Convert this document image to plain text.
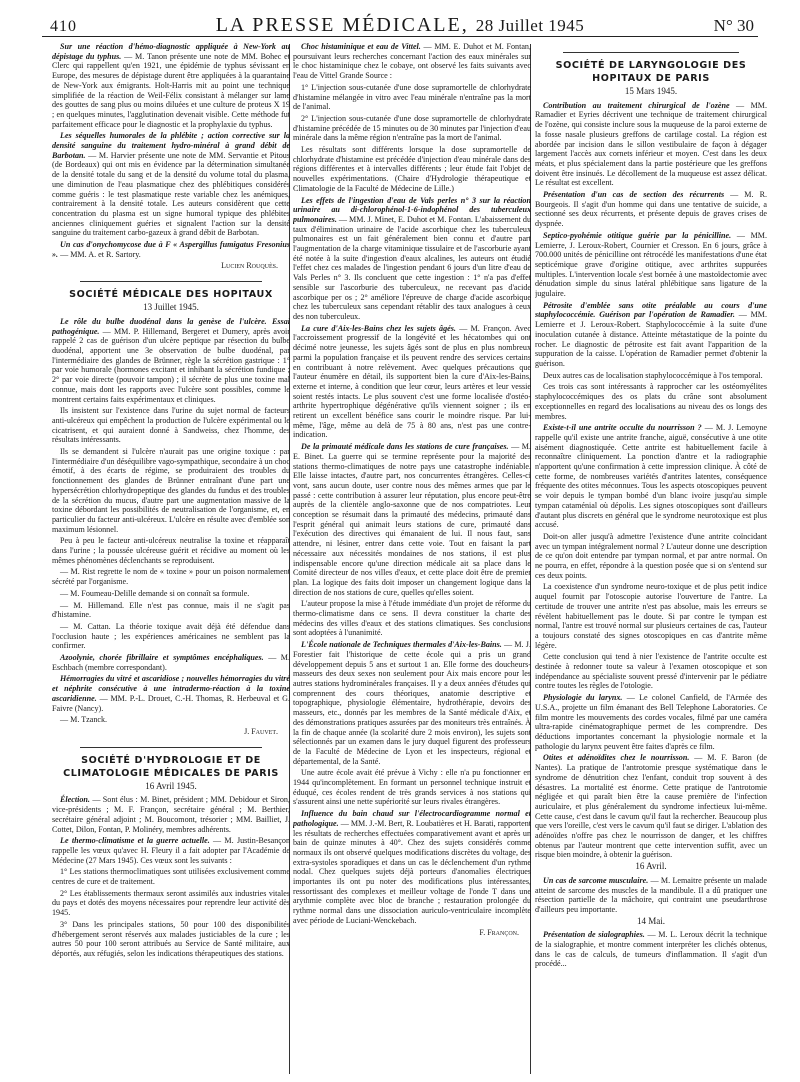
410	LA PRESSE MÉDICALE, 28 Juillet 1945	N° 30

Sur une réaction d'hémo-diagnostic appliquée à New-York au dépistage du typhus. — M. Tanon présente une note de MM. Bohec et Clerc qui rappellent qu'en 1921, une épidémie de typhus sévissant en Europe, des mesures de dépistage durent être appliquées à la quarantaine de New-York aux émigrants. Holt-Harris mit au point une technique simplifiée de la réaction de Weil-Félix consistant à mélanger sur lame des gouttes de sang plus ou moins diluées et une culture de proteus X 19 ; en quelques minutes, l'agglutination devenait visible. Cette méthode fut parfaitement efficace pour le diagnostic et la prophylaxie du typhus.

Les séquelles humorales de la phlébite ; action corrective sur la densité sanguine du traitement hydro-minéral à grand débit de Barbotan. — M. Harvier présente une note de MM. Servantie et Pitous (de Bordeaux) qui ont mis en évidence par la détermination simultanée de la densité totale du sang et de la densité du volume total du plasma, une diminution de l'eau plasmatique chez des phlébitiques considérés comme guéris : le test plasmatique reste variable chez les anémiques, contrairement à la densité totale. Les auteurs considèrent que cette concentration du plasma est un signe humoral typique des phlébites anciennes cliniquement guéries et signalent l'action sur la densité sanguine du traitement carbo-gazeux à grand débit de Barbotan.

Un cas d'onychomycose due à F « Aspergillus fumigatus Fresonius ». — MM. A. et R. Sartory.

Lucien Rouquès.
SOCIÉTÉ MÉDICALE DES HOPITAUX
13 Juillet 1945.

Le rôle du bulbe duodénal dans la genèse de l'ulcère. Essai pathogénique. — MM. P. Hillemand, Bergeret et Dumery, après avoir rappelé 2 cas de guérison d'un ulcère peptique par résection du bulbe duodénal, apportent une 3e observation de bulbe duodénal, par l'intermédiaire des glandes de Brünner, règle la sécrétion gastrique : 1° par voie humorale (hormones excitant et inhibant la sécrétion fundique ; 2° par voie directe (pouvoir tampon) ; il sécrète de plus une toxine mal connue, mais dont les rapports avec l'ulcère sont possibles, comme le montrent certains faits expérimentaux et cliniques.

Ils insistent sur l'existence dans l'urine du sujet normal de facteurs anti-ulcéreux qui empêchent la production de l'ulcère expérimental ou le cicatrisent, et qui auraient donné à Sandweiss, chez l'homme, des résultats intéressants.

Ils se demandent si l'ulcère n'aurait pas une origine toxique : par l'intermédiaire d'un déséquilibre vago-sympathique, secondaire à un choc émotif, à des écarts de régime, se produiraient des troubles du fonctionnement des glandes de Brünner entraînant d'une part une hypersécrétion chlorhydropeptique des glandes du fundus et des troubles de la sécrétion du mucus, d'autre part une augmentation massive de la toxine débordant les possibilités de neutralisation de l'organisme, et, en particulier du facteur anti-ulcéreux. L'ulcère en résulte avec d'emblée son maximum lésionnel.

Peu à peu le facteur anti-ulcéreux neutralise la toxine et réapparaît dans l'urine ; la poussée ulcéreuse guérit et récidive au moment où les mêmes phénomènes déclenchants se reproduisent.

— M. Rist regrette le nom de « toxine » pour un poison normalement sécrété par l'organisme.

— M. Foumeau-Delille demande si on connaît sa formule.

— M. Hillemand. Elle n'est pas connue, mais il ne s'agit pas d'histamine.

— M. Cattan. La théorie toxique avait déjà été défendue dans l'occlusion haute ; les expériences américaines ne semblent pas la confirmer.

Azoolynie, chorée fibrillaire et symptômes encéphaliques. — M. Eschbach (membre correspondant).

Hémorragies du vitré et ascaridiose ; nouvelles hémorragies du vitré et néphrite consécutive à une intradermo-réaction à la toxine ascaridienne. — MM. P.-L. Drouet, C.-H. Thomas, R. Herbeuval et G. Faivre (Nancy).

— M. Tzanck.

J. Fauvet.
SOCIÉTÉ D'HYDROLOGIE ET DE CLIMATOLOGIE MÉDICALES DE PARIS
16 Avril 1945.

Élection. — Sont élus : M. Binet, président ; MM. Debidour et Siron, vice-présidents ; M. F. Françon, secrétaire général ; M. Berthier, secrétaire général adjoint ; M. Boucomont, trésorier ; MM. Bailliet, J. Cottet, Dilon, Fontan, P. Molinéry, membres adhérents.

Le thermo-climatisme et la guerre actuelle. — M. Justin-Besançon rappelle les vœux qu'avec H. Fleury il a fait adopter par l'Académie de Médecine (27 Mars 1945). Ces vœux sont les suivants :

1° Les stations thermoclimatiques sont utilisées exclusivement comme centres de cure et de traitement.

2° Les établissements thermaux seront assimilés aux industries vitales du pays et dotés des moyens nécessaires pour reprendre leur activité dès 1945.

3° Dans les principales stations, 50 pour 100 des disponibilités d'hébergement seront réservés aux malades justiciables de la cure ; les autres 50 pour 100 seront attribués au Service de Santé militaire, aux déportés, aux réfugiés, selon les indications thérapeutiques des stations.

Choc histaminique et eau de Vittel. — MM. E. Duhot et M. Fontan, poursuivant leurs recherches concernant l'action des eaux minérales sur le choc histaminique chez le cobaye, ont observé les faits suivants avec l'eau de Vittel Grande Source :

1° L'injection sous-cutanée d'une dose supramortelle de chlorhydrate d'histamine mélangée in vitro avec l'eau minérale n'entraîne pas la mort de l'animal.

2° L'injection sous-cutanée d'une dose supramortelle de chlorhydrate d'histamine précédée de 15 minutes ou de 30 minutes par l'injection d'eau minérale dans la même région n'entraîne pas la mort de l'animal.

Les résultats sont différents lorsque la dose supramortelle de chlorhydrate d'histamine est précédée d'injection d'eau minérale dans des régions différentes et à intervalles différents ; leur étude fait l'objet de nouvelles expérimentations. (Chaire d'Hydrologie thérapeutique et Climatologie de la Faculté de Médecine de Lille.)

Les effets de l'ingestion d'eau de Vals perles n° 3 sur la réaction urinaire au di-chlorophénol-1-6-indophénol des tuberculeux pulmonaires. — MM. J. Minet, E. Duhot et M. Fontan. L'abaissement du taux d'élimination urinaire de l'acide ascorbique chez les tuberculeux pulmonaires est un fait généralement bien connu et d'autre part l'augmentation de la charge vitaminique tissulaire et de l'ascorburie ayant été notée à la suite d'ingestion d'eaux alcalines, les auteurs ont étudié l'effet chez ces malades de l'ingestion pendant 6 jours d'un litre d'eau de Vals Perles n° 3. Ils concluent que cette ingestion : 1° n'a pas d'effet sensible sur l'ascorburie des tuberculeux, ne recevant pas d'acide ascorbique per os ; 2° améliore l'épreuve de charge d'acide ascorbique chez les tuberculeux sans cependant rétablir des taux analogues à ceux des non tuberculeux.

La cure d'Aix-les-Bains chez les sujets âgés. — M. Françon. Avec l'accroissement progressif de la longévité et les hécatombes qui ont décimé notre jeunesse, les sujets âgés sont de plus en plus nombreux parmi la population française et ils peuvent rendre des services certains en contribuant à notre relèvement. Avec quelques précautions que l'auteur énumère en détail, ils supportent bien la cure d'Aix-les-Bains, externe et interne, à condition que leur cœur, leurs artères et leur vessie soient restés intacts. Le plus souvent c'est une forme localisée d'ostéo-arthrite hypertrophique dégénérative qu'ils viennent soigner ; ils en retirent un excellent bénéfice sans courir le moindre risque. Par lui-même, l'âge, même au delà de 75 à 80 ans, n'est pas une contre-indication.

De la primauté médicale dans les stations de cure françaises. — M. E. Binet. La guerre qui se termine représente pour la majorité des stations thermo-climatiques de notre pays une catastrophe indéniable. Elle laisse intactes, d'autre part, nos concurrentes étrangères. Celles-ci vont, sans aucun doute, user contre nous des mêmes armes que par le passé : cette contribution à assurer leur réputation, plus encore peut-être auprès de la clientèle anglo-saxonne que de nos compatriotes. Leur conception se résumait dans la primauté des médecins, primauté dans l'esprit général qui animait leurs stations de cure, primauté dans l'exécution des directives qui émanaient de lui. Il nous faut, sans attendre, ni lésiner, entrer dans cette voie. Tout en faisant la part nécessaire aux nécessités mondaines de nos stations, il est plus indispensable encore qu'une direction médicale ait sa place dans le Comité directeur de nos villes d'eaux, et cette place doit être de premier plan. La logique des faits doit imposer un changement logique dans la direction de nos stations de cure, quelles qu'elles soient.

L'auteur propose la mise à l'étude immédiate d'un projet de réforme du thermo-climatisme dans ce sens. Il devra constituer la charte des médecins des villes d'eaux et des stations climatiques. Ses conclusions sont adoptées à l'unanimité.

L'École nationale de Techniques thermales d'Aix-les-Bains. — M. J. Forestier fait l'historique de cette école qui a pris un grand développement depuis 5 ans et surtout 1 an. Elle forme des doucheurs-masseurs des deux sexes non seulement pour Aix mais encore pour les autres stations hydrominérales françaises. Il y a deux années d'études qui comprennent des cours théoriques, anatomie descriptive et topographique, physiologie élémentaire, hydrothérapie, devoirs des masseurs, etc., donnés par les membres de la Santé médicale d'Aix, et des démonstrations pratiques assurées par des moniteurs très entraînés. À la fin de chaque année (la scolarité dure 2 mois environ), les sujets sont sélectionnés par un examen dans le jury duquel figurent des professeurs de la Faculté de Médecine de Lyon et les inspecteurs, régional et départemental, de la Santé.

Une autre école avait été prévue à Vichy : elle n'a pu fonctionner en 1944 qu'incomplètement. En formant un personnel technique instruit et éduqué, ces écoles rendent de très grands services à nos stations qui s'assurent ainsi une nette supériorité sur leurs rivales étrangères.

Influence du bain chaud sur l'électrocardiogramme normal et pathologique. — MM. J.-M. Bert, R. Loubatières et H. Barati, rapportent les résultats de recherches effectuées comparativement avant et après un bain de quinze minutes à 40°. Chez des sujets considérés comme normaux ils ont observé quelques modifications discrètes du voltage, des extra-systoles sporadiques et dans un cas le déclenchement d'un rythme nodal. Chez quelques sujets déjà porteurs d'anomalies électriques importantes ils ont pu noter des modifications plus intéressantes, ressortissant des complexes et meilleur voltage de l'onde T dans une arythmie complète avec bloc de branche ; restauration prolongée du rythme normal dans une dissociation auriculo-ventriculaire incomplète avec période de Luciani-Wenckebach.

F. Françon.
SOCIÉTÉ DE LARYNGOLOGIE DES HOPITAUX DE PARIS
15 Mars 1945.

Contribution au traitement chirurgical de l'ozène — MM. Ramadier et Eyries décrivent une technique de traitement chirurgical de l'ozène, qui consiste inclure sous la muqueuse de la paroi externe de la fosse nasale plusieurs greffons de cartilage costal. La région est abordée par incision dans le sillon vestibulaire de façon à dégager largement l'accès aux cornets inférieur et moyen. C'est dans les deux méats, et plus spécialement dans la partie postérieure que les greffons doivent être insinués. Le décollement de la muqueuse est assez délicat. Le résultat est excellent.

Présentation d'un cas de section des récurrents — M. R. Bourgeois. Il s'agit d'un homme qui dans une tentative de suicide, a sectionné ses deux récurrents, et présente depuis de graves crises de dyspnée.

Septico-pyohémie otitique guérie par la pénicilline. — MM. Lemierre, J. Leroux-Robert, Cournier et Cresson. En 6 jours, grâce à 700.000 unités de pénicilline ont rétrocédé les manifestations d'une état septicémique grave d'origine otitique, avec arthrites suppurées multiples. L'intervention locale s'est bornée à une mastoïdectomie avec dénudation simple du sinus latéral phlébitique sans ligature de la jugulaire.

Pétrosite d'emblée sans otite préalable au cours d'une staphylococcémie. Guérison par l'opération de Ramadier. — MM. Lemierre et J. Leroux-Robert. Staphylococcémie à la suite d'une inoculation cutanée à distance. Atteinte métastatique de la pointe du rocher. Le diagnostic de pétrosite est fait avant l'apparition de la suppuration de la caisse. L'opération de Ramadier permet d'obtenir la guérison.

Deux autres cas de localisation staphylococcémique à l'os temporal.

Ces trois cas sont intéressants à rapprocher car les ostéomyélites staphylococcémiques des os plats du crâne sont absolument exceptionnelles en regard des localisations au niveau des os longs des membres.

Existe-t-il une antrite occulte du nourrisson ? — M. J. Lemoyne rappelle qu'il existe une antrite franche, aiguë, consécutive à une otite aisément diagnostiquée. Cette antrite est habituellement facile à reconnaître cliniquement. La ponction d'antre et la radiographie n'apportent qu'une confirmation à cette impression clinique. À côté de cette forme, de nombreuses variétés d'antrites latentes, conséquence fréquente des otites méconnues. Tous les aspects otoscopiques peuvent se voir depuis le tympan bombé d'un blanc ivoire jusqu'au simple tympan cataménial où dépolis. Les signes otoscopiques sont d'ailleurs d'autant plus discrets en général que le syndrome neurotoxique est plus accusé.

Doit-on aller jusqu'à admettre l'existence d'une antrite coïncidant avec un tympan intégralement normal ? L'auteur donne une description de ce qu'on doit entendre par tympan normal, et par antre normal. On ne pourra, en effet, répondre à la question posée que si on s'entend sur ces deux points.

La coexistence d'un syndrome neuro-toxique et de plus petit indice auquel fournit par l'otoscopie autorise l'ouverture de l'antre. La certitude de trouver une antrite n'est pas absolue, mais les erreurs se révèlent habituellement pas le doute. Si par contre le tympan est normal, l'antre est trouvé normal sur plusieurs certaines de cas, l'auteur a toujours constaté des signes otoscopiques en cas d'antrite même légère.

Cette conclusion qui tend à nier l'existence de l'antrite occulte est destinée à redonner toute sa valeur à l'examen otoscopique et son indépendance au spécialiste souvent pressé d'intervenir par le pédiatre contre toutes les règles de l'otologie.

Physiologie du larynx. — Le colonel Canfield, de l'Armée des U.S.A., projette un film émanant des Bell Telephone Laboratories. Ce film montre les mouvements des cordes vocales, filmé par une caméra ultra-rapide cinématographique permet de les comprendre. Des déductions importantes concernant la physiologie normale et la pathologie du larynx peuvent être faites d'après ce film.

Otites et adénoïdites chez le nourrisson. — M. F. Baron (de Nantes). La pratique de l'antrotomie presque systématique dans le syndrome de dénutrition chez l'enfant, conduit trop souvent à des désastres. La mortalité est énorme. Cette pratique de l'antrotomie négligée et qui paraît bien être la cause première de l'infection auriculaire, et plus généralement du syndrome infectieux lui-même. Cette cause, c'est dans le cavum qu'il faut la rechercher. Beaucoup plus que vers l'oreille, c'est vers le cavum qu'il faut se diriger. L'ablation des adénoïdes n'offre pas chez le nourrisson de danger, et les chiffres obtenus par l'auteur montrent que cette intervention suffit, avec un risque bien moindre, à obtenir la guérison.

16 Avril.

Un cas de sarcome musculaire. — M. Lemaitre présente un malade atteint de sarcome des muscles de la mandibule. Il a dû pratiquer une résection partielle de la mâchoire, qui contraint une pseudarthrose d'ailleurs peu importante.

14 Mai.

Présentation de sialographies. — M. L. Leroux décrit la technique de la sialographie, et montre comment interpréter les clichés obtenus, dans le cas de calculs, de tumeurs d'inflammation. Il s'agit d'un procédé...
